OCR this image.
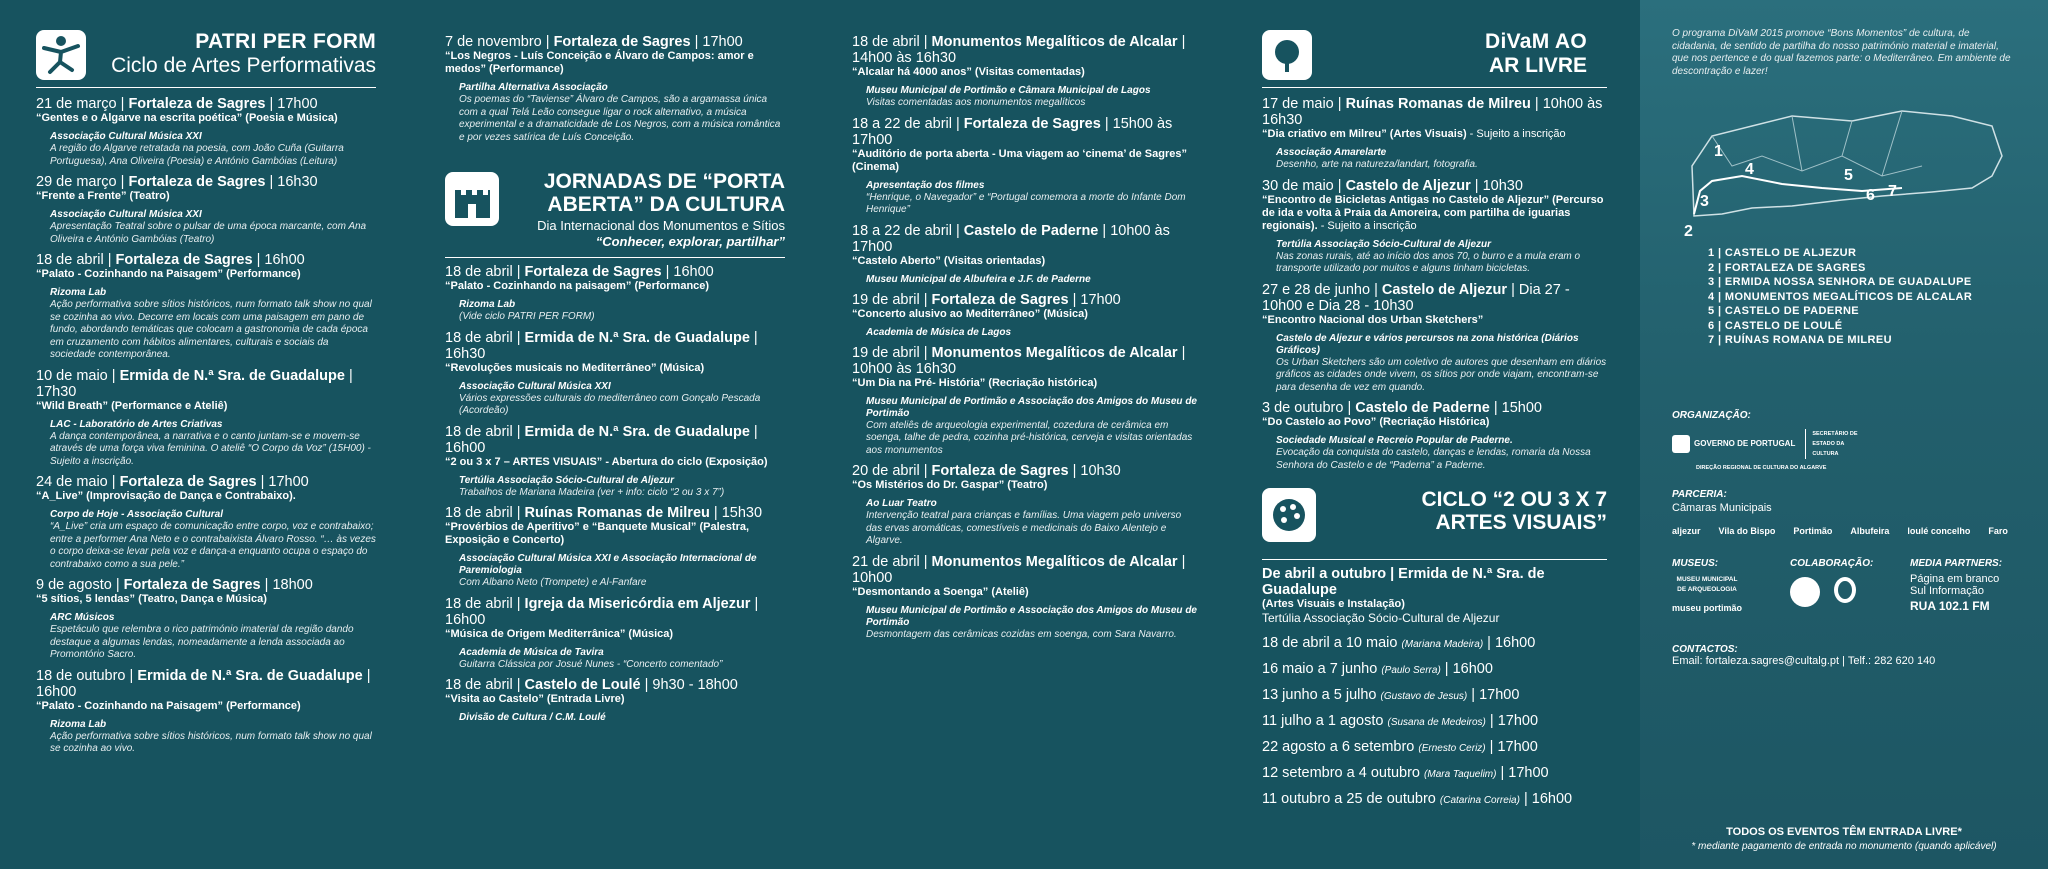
PATRI PER FORM
Ciclo de Artes Performativas
21 de março | Fortaleza de Sagres | 17h00
“Gentes e o Algarve na escrita poética” (Poesia e Música)
Associação Cultural Música XXI
A região do Algarve retratada na poesia, com João Cuña (Guitarra Portuguesa), Ana Oliveira (Poesia) e António Gambóias (Leitura)
29 de março | Fortaleza de Sagres | 16h30
“Frente a Frente” (Teatro)
Associação Cultural Música XXI
Apresentação Teatral sobre o pulsar de uma época marcante, com Ana Oliveira e António Gambóias (Teatro)
18 de abril | Fortaleza de Sagres | 16h00
“Palato - Cozinhando na Paisagem” (Performance)
Rizoma Lab
Ação performativa sobre sítios históricos, num formato talk show no qual se cozinha ao vivo. Decorre em locais com uma paisagem em pano de fundo, abordando temáticas que colocam a gastronomia de cada época em cruzamento com hábitos alimentares, culturais e sociais da sociedade contemporânea.
10 de maio | Ermida de N.ª Sra. de Guadalupe | 17h30
“Wild Breath” (Performance e Ateliê)
LAC - Laboratório de Artes Criativas
A dança contemporânea, a narrativa e o canto juntam-se e movem-se através de uma força viva feminina. O ateliê “O Corpo da Voz” (15H00) - Sujeito a inscrição.
24 de maio | Fortaleza de Sagres | 17h00
“A_Live” (Improvisação de Dança e Contrabaixo).
Corpo de Hoje - Associação Cultural
“A_Live” cria um espaço de comunicação entre corpo, voz e contrabaixo; entre a performer Ana Neto e o contrabaixista Álvaro Rosso. “… às vezes o corpo deixa-se levar pela voz e dança-a enquanto ocupa o espaço do contrabaixo como a sua pele.”
9 de agosto | Fortaleza de Sagres | 18h00
“5 sítios, 5 lendas” (Teatro, Dança e Música)
ARC Músicos
Espetáculo que relembra o rico património imaterial da região dando destaque a algumas lendas, nomeadamente a lenda associada ao Promontório Sacro.
18 de outubro | Ermida de N.ª Sra. de Guadalupe | 16h00
“Palato - Cozinhando na Paisagem” (Performance)
Rizoma Lab
Ação performativa sobre sítios históricos, num formato talk show no qual se cozinha ao vivo.
7 de novembro | Fortaleza de Sagres | 17h00
“Los Negros - Luís Conceição e Álvaro de Campos: amor e medos” (Performance)
Partilha Alternativa Associação
Os poemas do “Taviense” Álvaro de Campos, são a argamassa única com a qual Telá Leão consegue ligar o rock alternativo, a música experimental e a dramaticidade de Los Negros, com a música romântica e por vezes satírica de Luís Conceição.
JORNADAS DE “PORTA
ABERTA” DA CULTURA
Dia Internacional dos Monumentos e Sítios
“Conhecer, explorar, partilhar”
18 de abril | Fortaleza de Sagres | 16h00
“Palato - Cozinhando na paisagem” (Performance)
Rizoma Lab
(Vide ciclo PATRI PER FORM)
18 de abril | Ermida de N.ª Sra. de Guadalupe | 16h30
“Revoluções musicais no Mediterrâneo” (Música)
Associação Cultural Música XXI
Vários expressões culturais do mediterrâneo com Gonçalo Pescada (Acordeão)
18 de abril | Ermida de N.ª Sra. de Guadalupe | 16h00
“2 ou 3 x 7 – ARTES VISUAIS” - Abertura do ciclo (Exposição)
Tertúlia Associação Sócio-Cultural de Aljezur
Trabalhos de Mariana Madeira (ver + info: ciclo “2 ou 3 x 7”)
18 de abril | Ruínas Romanas de Milreu | 15h30
“Provérbios de Aperitivo” e “Banquete Musical” (Palestra, Exposição e Concerto)
Associação Cultural Música XXI e Associação Internacional de Paremiologia
Com Albano Neto (Trompete) e Al-Fanfare
18 de abril | Igreja da Misericórdia em Aljezur | 16h00
“Música de Origem Mediterrânica” (Música)
Academia de Música de Tavira
Guitarra Clássica por Josué Nunes - “Concerto comentado”
18 de abril | Castelo de Loulé | 9h30 - 18h00
“Visita ao Castelo” (Entrada Livre)
Divisão de Cultura / C.M. Loulé
18 de abril | Monumentos Megalíticos de Alcalar | 14h00 às 16h30
“Alcalar há 4000 anos” (Visitas comentadas)
Museu Municipal de Portimão e Câmara Municipal de Lagos
Visitas comentadas aos monumentos megalíticos
18 a 22 de abril | Fortaleza de Sagres | 15h00 às 17h00
“Auditório de porta aberta - Uma viagem ao ‘cinema’ de Sagres” (Cinema)
Apresentação dos filmes
“Henrique, o Navegador” e “Portugal comemora a morte do Infante Dom Henrique”
18 a 22 de abril | Castelo de Paderne | 10h00 às 17h00
“Castelo Aberto” (Visitas orientadas)
Museu Municipal de Albufeira e J.F. de Paderne
19 de abril | Fortaleza de Sagres | 17h00
“Concerto alusivo ao Mediterrâneo” (Música)
Academia de Música de Lagos
19 de abril | Monumentos Megalíticos de Alcalar | 10h00 às 16h30
“Um Dia na Pré- História” (Recriação histórica)
Museu Municipal de Portimão e Associação dos Amigos do Museu de Portimão
Com ateliês de arqueologia experimental, cozedura de cerâmica em soenga, talhe de pedra, cozinha pré-histórica, cerveja e visitas orientadas aos monumentos
20 de abril | Fortaleza de Sagres | 10h30
“Os Mistérios do Dr. Gaspar” (Teatro)
Ao Luar Teatro
Intervenção teatral para crianças e famílias. Uma viagem pelo universo das ervas aromáticas, comestíveis e medicinais do Baixo Alentejo e Algarve.
21 de abril | Monumentos Megalíticos de Alcalar | 10h00
“Desmontando a Soenga” (Ateliê)
Museu Municipal de Portimão e Associação dos Amigos do Museu de Portimão
Desmontagem das cerâmicas cozidas em soenga, com Sara Navarro.
DiVaM AO
AR LIVRE
17 de maio | Ruínas Romanas de Milreu | 10h00 às 16h30
“Dia criativo em Milreu” (Artes Visuais) - Sujeito a inscrição
Associação Amarelarte
Desenho, arte na natureza/landart, fotografia.
30 de maio | Castelo de Aljezur | 10h30
“Encontro de Bicicletas Antigas no Castelo de Aljezur” (Percurso de ida e volta à Praia da Amoreira, com partilha de iguarias regionais). - Sujeito a inscrição
Tertúlia Associação Sócio-Cultural de Aljezur
Nas zonas rurais, até ao início dos anos 70, o burro e a mula eram o transporte utilizado por muitos e alguns tinham bicicletas.
27 e 28 de junho | Castelo de Aljezur | Dia 27 - 10h00 e Dia 28 - 10h30
“Encontro Nacional dos Urban Sketchers”
Castelo de Aljezur e vários percursos na zona histórica (Diários Gráficos)
Os Urban Sketchers são um coletivo de autores que desenham em diários gráficos as cidades onde vivem, os sítios por onde viajam, encontram-se para desenha de vez em quando.
3 de outubro | Castelo de Paderne | 15h00
“Do Castelo ao Povo” (Recriação Histórica)
Sociedade Musical e Recreio Popular de Paderne.
Evocação da conquista do castelo, danças e lendas, romaria da Nossa Senhora do Castelo e de “Paderna” a Paderne.
CICLO “2 OU 3 X 7
ARTES VISUAIS”
De abril a outubro | Ermida de N.ª Sra. de Guadalupe
(Artes Visuais e Instalação)
Tertúlia Associação Sócio-Cultural de Aljezur
18 de abril a 10 maio (Mariana Madeira) | 16h00
16 maio a 7 junho (Paulo Serra) | 16h00
13 junho a 5 julho (Gustavo de Jesus) | 17h00
11 julho a 1 agosto (Susana de Medeiros) | 17h00
22 agosto a 6 setembro (Ernesto Ceriz) | 17h00
12 setembro a 4 outubro (Mara Taquelim) | 17h00
11 outubro a 25 de outubro (Catarina Correia) | 16h00
O programa DiVaM 2015 promove “Bons Momentos” de cultura, de cidadania, de sentido de partilha do nosso património material e imaterial, que nos pertence e do qual fazemos parte: o Mediterrâneo. Em ambiente de descontração e lazer!
1
2
3
4	5
6 7
1 | CASTELO DE ALJEZUR
2 | FORTALEZA DE SAGRES
3 | ERMIDA NOSSA SENHORA DE GUADALUPE
4 | MONUMENTOS MEGALÍTICOS DE ALCALAR
5 | CASTELO DE PADERNE
6 | CASTELO DE LOULÉ
7 | RUÍNAS ROMANA DE MILREU
ORGANIZAÇÃO:
GOVERNO DE PORTUGAL
SECRETÁRIO DE ESTADO DA CULTURA
DIREÇÃO REGIONAL DE CULTURA DO ALGARVE
PARCERIA:
Câmaras Municipais
aljezur Vila do Bispo Portimão Albufeira loulé concelho Faro
MUSEUS:
MUSEU MUNICIPAL DE ARQUEOLOGIA
museu portimão
COLABORAÇÃO:	MEDIA PARTNERS:
Página em branco
Sul Informação
RUA 102.1 FM
CONTACTOS:
Email: fortaleza.sagres@cultalg.pt | Telf.: 282 620 140
TODOS OS EVENTOS TÊM ENTRADA LIVRE*
* mediante pagamento de entrada no monumento (quando aplicável)
